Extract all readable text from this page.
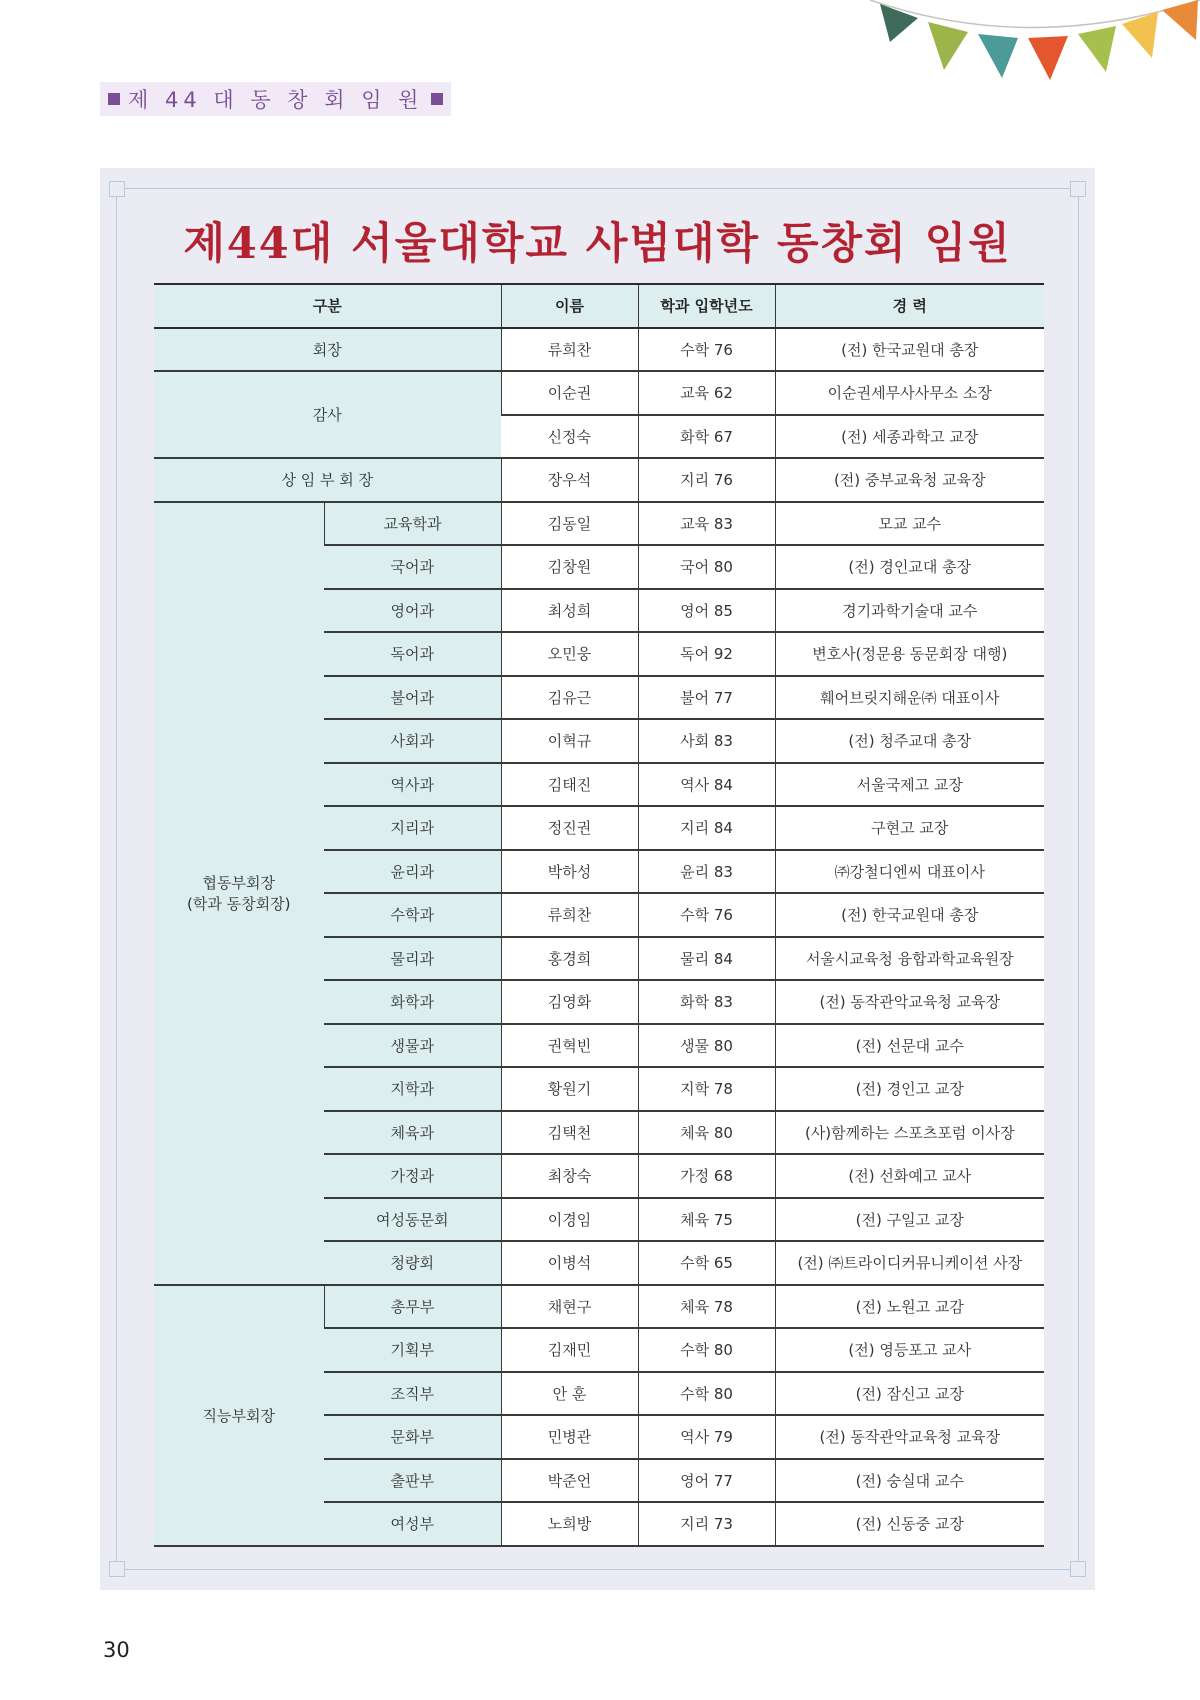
제 44 대 동 창 회 임 원
제44대 서울대학교 사범대학 동창회 임원
구분		이름	학과 입학년도	경 력
회장		류희찬	수학 76	(전) 한국교원대 총장
감사		이순권	교육 62	이순권세무사사무소 소장
		신정숙	화학 67	(전) 세종과학고 교장
상 임 부 회 장		장우석	지리 76	(전) 중부교육청 교육장
협동부회장
(학과 동창회장)	교육학과	김동일	교육 83	모교 교수
	국어과	김창원	국어 80	(전) 경인교대 총장
	영어과	최성희	영어 85	경기과학기술대 교수
	독어과	오민웅	독어 92	변호사(정문용 동문회장 대행)
	불어과	김유근	불어 77	훼어브릿지해운㈜ 대표이사
	사회과	이혁규	사회 83	(전) 청주교대 총장
	역사과	김태진	역사 84	서울국제고 교장
	지리과	정진권	지리 84	구현고 교장
	윤리과	박하성	윤리 83	㈜강철디엔씨 대표이사
	수학과	류희찬	수학 76	(전) 한국교원대 총장
	물리과	홍경희	물리 84	서울시교육청 융합과학교육원장
	화학과	김영화	화학 83	(전) 동작관악교육청 교육장
	생물과	권혁빈	생물 80	(전) 선문대 교수
	지학과	황원기	지학 78	(전) 경인고 교장
	체육과	김택천	체육 80	(사)함께하는 스포츠포럼 이사장
	가정과	최창숙	가정 68	(전) 선화예고 교사
	여성동문회	이경임	체육 75	(전) 구일고 교장
	청량회	이병석	수학 65	(전) ㈜트라이디커뮤니케이션 사장
직능부회장	총무부	채현구	체육 78	(전) 노원고 교감
	기획부	김재민	수학 80	(전) 영등포고 교사
	조직부	안 훈	수학 80	(전) 잠신고 교장
	문화부	민병관	역사 79	(전) 동작관악교육청 교육장
	출판부	박준언	영어 77	(전) 숭실대 교수
	여성부	노희방	지리 73	(전) 신동중 교장
30
